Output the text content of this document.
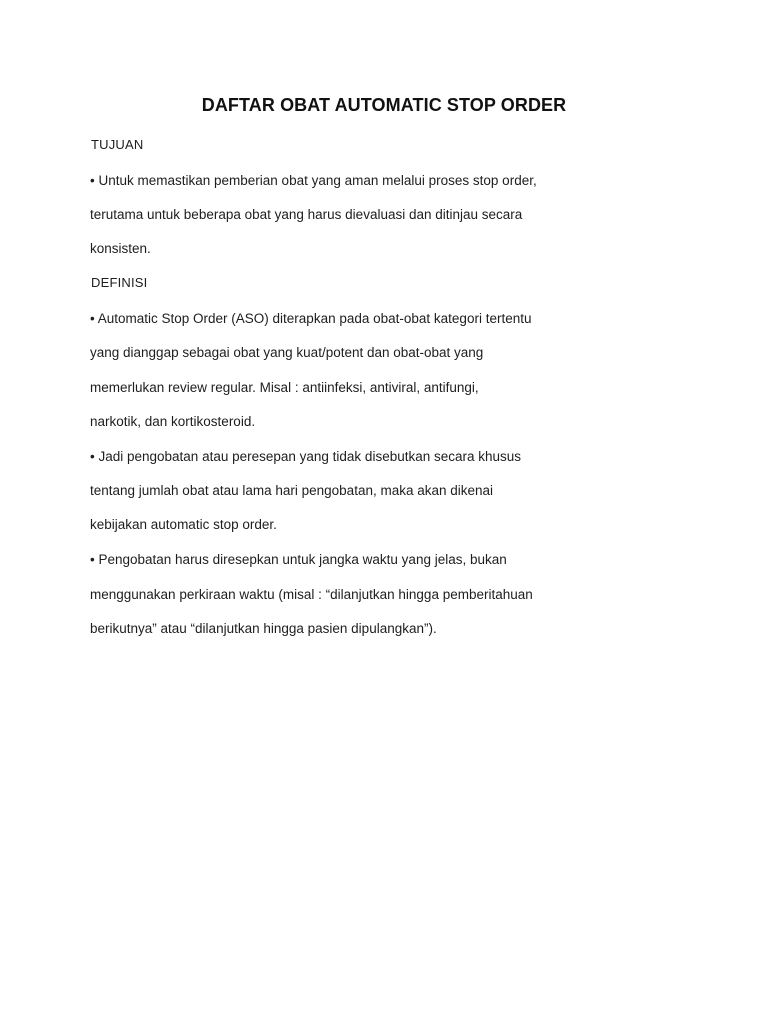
DAFTAR OBAT AUTOMATIC STOP ORDER
TUJUAN
• Untuk memastikan pemberian obat yang aman melalui proses stop order,
terutama untuk beberapa obat yang harus dievaluasi dan ditinjau secara
konsisten.
DEFINISI
• Automatic Stop Order (ASO) diterapkan pada obat-obat kategori tertentu
yang dianggap sebagai obat yang kuat/potent dan obat-obat yang
memerlukan review regular. Misal : antiinfeksi, antiviral, antifungi,
narkotik, dan kortikosteroid.
• Jadi pengobatan atau peresepan yang tidak disebutkan secara khusus
tentang jumlah obat atau lama hari pengobatan, maka akan dikenai
kebijakan automatic stop order.
• Pengobatan harus diresepkan untuk jangka waktu yang jelas, bukan
menggunakan perkiraan waktu (misal : “dilanjutkan hingga pemberitahuan
berikutnya” atau “dilanjutkan hingga pasien dipulangkan”).
